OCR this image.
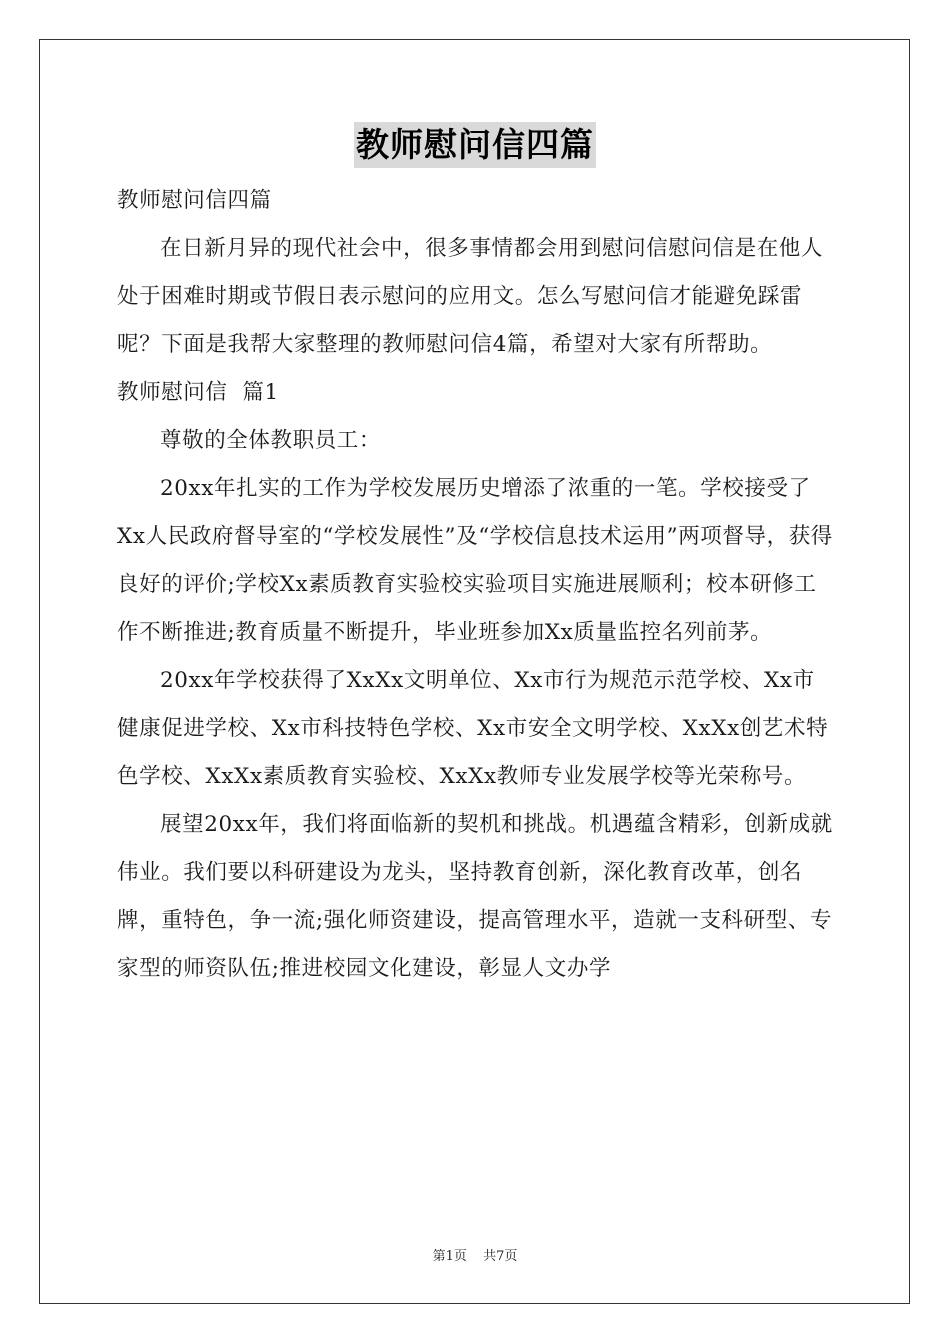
教师慰问信四篇

教师慰问信四篇

在日新月异的现代社会中，很多事情都会用到慰问信慰问信是在他人处于困难时期或节假日表示慰问的应用文。怎么写慰问信才能避免踩雷呢？下面是我帮大家整理的教师慰问信4篇，希望对大家有所帮助。

教师慰问信  篇1

尊敬的全体教职员工：

20xx年扎实的工作为学校发展历史增添了浓重的一笔。学校接受了Xx人民政府督导室的“学校发展性”及“学校信息技术运用”两项督导，获得良好的评价;学校Xx素质教育实验校实验项目实施进展顺利；校本研修工作不断推进;教育质量不断提升，毕业班参加Xx质量监控名列前茅。

20xx年学校获得了XxXx文明单位、Xx市行为规范示范学校、Xx市健康促进学校、Xx市科技特色学校、Xx市安全文明学校、XxXx创艺术特色学校、XxXx素质教育实验校、XxXx教师专业发展学校等光荣称号。

展望20xx年，我们将面临新的契机和挑战。机遇蕴含精彩，创新成就伟业。我们要以科研建设为龙头，坚持教育创新，深化教育改革，创名牌，重特色，争一流;强化师资建设，提高管理水平，造就一支科研型、专家型的师资队伍;推进校园文化建设，彰显人文办学

第1页 共7页
